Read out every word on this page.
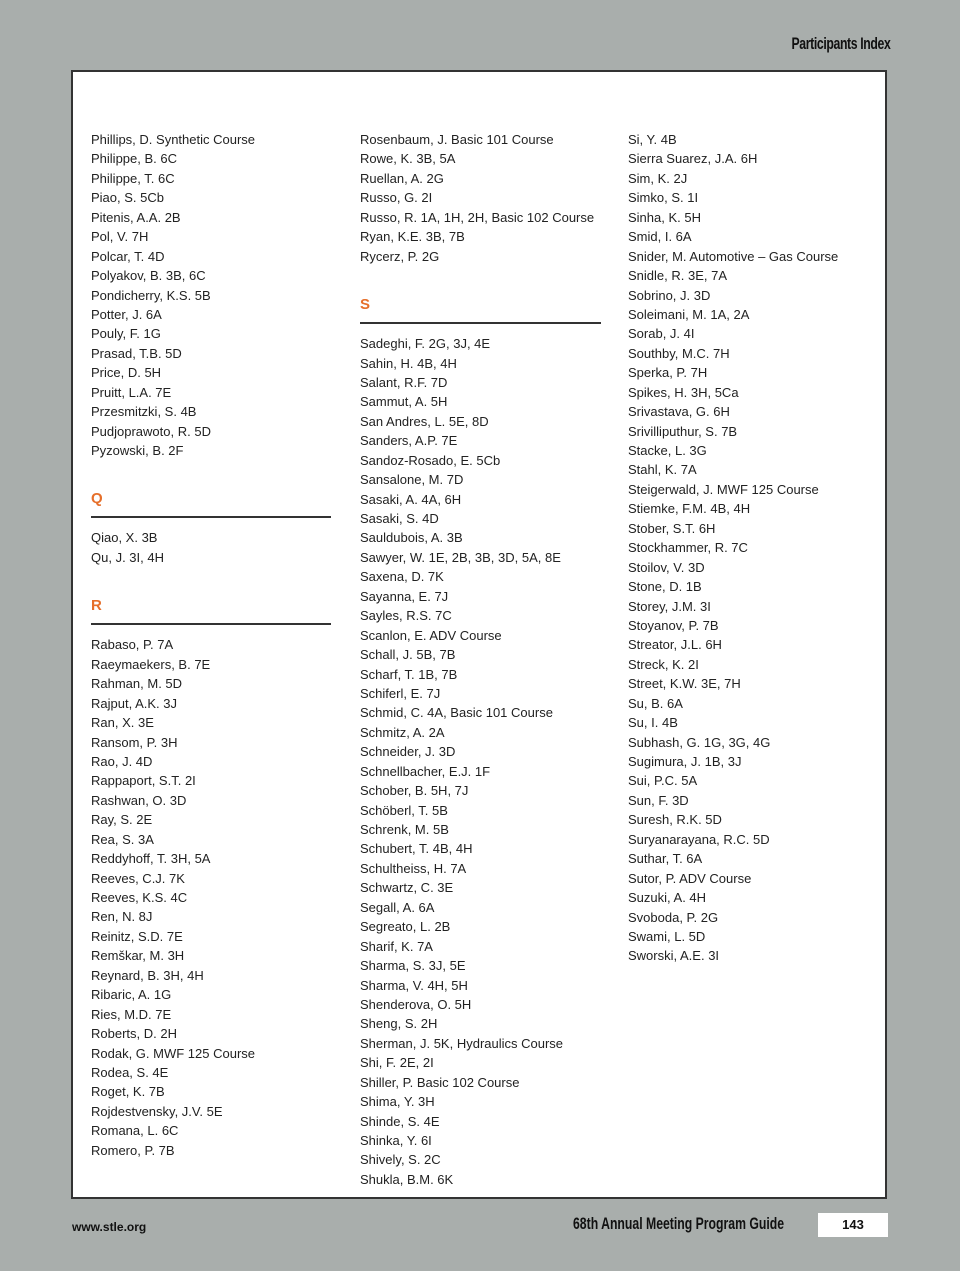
Participants Index
Phillips, D. Synthetic Course
Philippe, B. 6C
Philippe, T. 6C
Piao, S. 5Cb
Pitenis, A.A. 2B
Pol, V. 7H
Polcar, T. 4D
Polyakov, B. 3B, 6C
Pondicherry, K.S. 5B
Potter, J. 6A
Pouly, F. 1G
Prasad, T.B. 5D
Price, D. 5H
Pruitt, L.A. 7E
Przesmitzki, S. 4B
Pudjoprawoto, R. 5D
Pyzowski, B. 2F
Q
Qiao, X. 3B
Qu, J. 3I, 4H
R
Rabaso, P. 7A
Raeymaekers, B. 7E
Rahman, M. 5D
Rajput, A.K. 3J
Ran, X. 3E
Ransom, P. 3H
Rao, J. 4D
Rappaport, S.T. 2I
Rashwan, O. 3D
Ray, S. 2E
Rea, S. 3A
Reddyhoff, T. 3H, 5A
Reeves, C.J. 7K
Reeves, K.S. 4C
Ren, N. 8J
Reinitz, S.D. 7E
Remškar, M. 3H
Reynard, B. 3H, 4H
Ribaric, A. 1G
Ries, M.D. 7E
Roberts, D. 2H
Rodak, G. MWF 125 Course
Rodea, S. 4E
Roget, K. 7B
Rojdestvensky, J.V. 5E
Romana, L. 6C
Romero, P. 7B
Rosenbaum, J. Basic 101 Course
Rowe, K. 3B, 5A
Ruellan, A. 2G
Russo, G. 2I
Russo, R. 1A, 1H, 2H, Basic 102 Course
Ryan, K.E. 3B, 7B
Rycerz, P. 2G
S
Sadeghi, F. 2G, 3J, 4E
Sahin, H. 4B, 4H
Salant, R.F. 7D
Sammut, A. 5H
San Andres, L. 5E, 8D
Sanders, A.P. 7E
Sandoz-Rosado, E. 5Cb
Sansalone, M. 7D
Sasaki, A. 4A, 6H
Sasaki, S. 4D
Sauldubois, A. 3B
Sawyer, W. 1E, 2B, 3B, 3D, 5A, 8E
Saxena, D. 7K
Sayanna, E. 7J
Sayles, R.S. 7C
Scanlon, E. ADV Course
Schall, J. 5B, 7B
Scharf, T. 1B, 7B
Schiferl, E. 7J
Schmid, C. 4A, Basic 101 Course
Schmitz, A. 2A
Schneider, J. 3D
Schnellbacher, E.J. 1F
Schober, B. 5H, 7J
Schöberl, T. 5B
Schrenk, M. 5B
Schubert, T. 4B, 4H
Schultheiss, H. 7A
Schwartz, C. 3E
Segall, A. 6A
Segreato, L. 2B
Sharif, K. 7A
Sharma, S. 3J, 5E
Sharma, V. 4H, 5H
Shenderova, O. 5H
Sheng, S. 2H
Sherman, J. 5K, Hydraulics Course
Shi, F. 2E, 2I
Shiller, P. Basic 102 Course
Shima, Y. 3H
Shinde, S. 4E
Shinka, Y. 6I
Shively, S. 2C
Shukla, B.M. 6K
Si, Y. 4B
Sierra Suarez, J.A. 6H
Sim, K. 2J
Simko, S. 1I
Sinha, K. 5H
Smid, I. 6A
Snider, M. Automotive – Gas Course
Snidle, R. 3E, 7A
Sobrino, J. 3D
Soleimani, M. 1A, 2A
Sorab, J. 4I
Southby, M.C. 7H
Sperka, P. 7H
Spikes, H. 3H, 5Ca
Srivastava, G. 6H
Srivilliputhur, S. 7B
Stacke, L. 3G
Stahl, K. 7A
Steigerwald, J. MWF 125 Course
Stiemke, F.M. 4B, 4H
Stober, S.T. 6H
Stockhammer, R. 7C
Stoilov, V. 3D
Stone, D. 1B
Storey, J.M. 3I
Stoyanov, P. 7B
Streator, J.L. 6H
Streck, K. 2I
Street, K.W. 3E, 7H
Su, B. 6A
Su, I. 4B
Subhash, G. 1G, 3G, 4G
Sugimura, J. 1B, 3J
Sui, P.C. 5A
Sun, F. 3D
Suresh, R.K. 5D
Suryanarayana, R.C. 5D
Suthar, T. 6A
Sutor, P. ADV Course
Suzuki, A. 4H
Svoboda, P. 2G
Swami, L. 5D
Sworski, A.E. 3I
www.stle.org	68th Annual Meeting Program Guide	143
